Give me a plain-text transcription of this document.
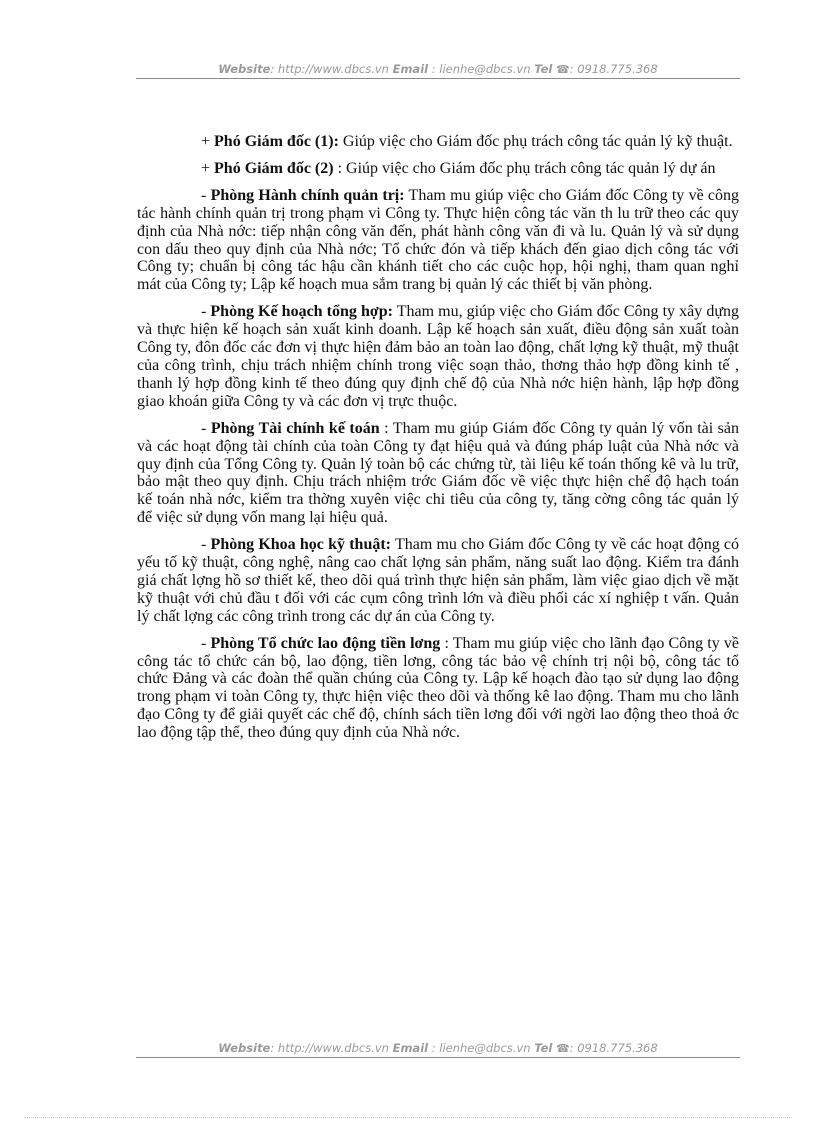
Website: http://www.dbcs.vn Email : lienhe@dbcs.vn Tel ☎: 0918.775.368

+ Phó Giám đốc (1): Giúp việc cho Giám đốc phụ trách công tác quản lý kỹ thuật.

+ Phó Giám đốc (2) : Giúp việc cho Giám đốc phụ trách công tác quản lý dự án

- Phòng Hành chính quản trị: Tham mu giúp việc cho Giám đốc Công ty về công tác hành chính quản trị trong phạm vi Công ty. Thực hiện công tác văn th lu trữ theo các quy định của Nhà nớc: tiếp nhận công văn đến, phát hành công văn đi và lu. Quản lý và sử dụng con dấu theo quy định của Nhà nớc; Tổ chức đón và tiếp khách đến giao dịch công tác với Công ty; chuẩn bị công tác hậu cần khánh tiết cho các cuộc họp, hội nghị, tham quan nghỉ mát của Công ty; Lập kế hoạch mua sắm trang bị quản lý các thiết bị văn phòng.

- Phòng Kế hoạch tổng hợp: Tham mu, giúp việc cho Giám đốc Công ty xây dựng và thực hiện kế hoạch sản xuất kinh doanh. Lập kế hoạch sản xuất, điều động sản xuất toàn Công ty, đôn đốc các đơn vị thực hiện đảm bảo an toàn lao động, chất lợng kỹ thuật, mỹ thuật của công trình, chịu trách nhiệm chính trong việc soạn thảo, thơng thảo hợp đồng kinh tế , thanh lý hợp đồng kinh tế theo đúng quy định chế độ của Nhà nớc hiện hành, lập hợp đồng giao khoán giữa Công ty và các đơn vị trực thuộc.

- Phòng Tài chính kế toán : Tham mu giúp Giám đốc Công ty quản lý vốn tài sản và các hoạt động tài chính của toàn Công ty đạt hiệu quả và đúng pháp luật của Nhà nớc và quy định của Tổng Công ty. Quản lý toàn bộ các chứng từ, tài liệu kế toán thống kê và lu trữ, bảo mật theo quy định. Chịu trách nhiệm trớc Giám đốc về việc thực hiện chế độ hạch toán kế toán nhà nớc, kiểm tra thờng xuyên việc chi tiêu của công ty, tăng cờng công tác quản lý để việc sử dụng vốn mang lại hiệu quả.

- Phòng Khoa học kỹ thuật: Tham mu cho Giám đốc Công ty về các hoạt động có yếu tố kỹ thuật, công nghệ, nâng cao chất lợng sản phẩm, năng suất lao động. Kiểm tra đánh giá chất lợng hồ sơ thiết kế, theo dõi quá trình thực hiện sản phẩm, làm việc giao dịch về mặt kỹ thuật với chủ đầu t đối với các cụm công trình lớn và điều phối các xí nghiệp t vấn. Quản lý chất lợng các công trình trong các dự án của Công ty.

- Phòng Tổ chức lao động tiền lơng : Tham mu giúp việc cho lãnh đạo Công ty về công tác tổ chức cán bộ, lao động, tiền lơng, công tác bảo vệ chính trị nội bộ, công tác tổ chức Đảng và các đoàn thể quần chúng của Công ty. Lập kế hoạch đào tạo sử dụng lao động trong phạm vi toàn Công ty, thực hiện việc theo dõi và thống kê lao động. Tham mu cho lãnh đạo Công ty để giải quyết các chế độ, chính sách tiền lơng đối với ngời lao động theo thoả ớc lao động tập thể, theo đúng quy định của Nhà nớc.

Website: http://www.dbcs.vn Email : lienhe@dbcs.vn Tel ☎: 0918.775.368
